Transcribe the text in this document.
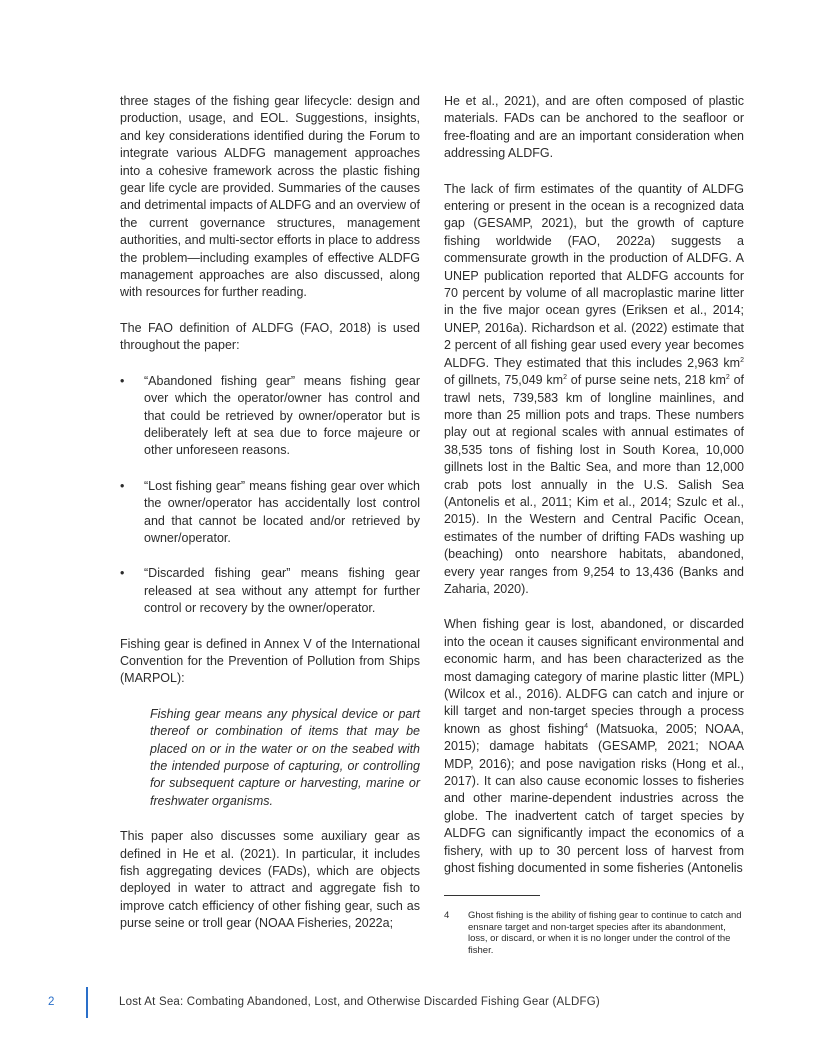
three stages of the fishing gear lifecycle: design and production, usage, and EOL. Suggestions, insights, and key considerations identified during the Forum to integrate various ALDFG management approaches into a cohesive framework across the plastic fishing gear life cycle are provided. Summaries of the causes and detrimental impacts of ALDFG and an overview of the current governance structures, management authorities, and multi-sector efforts in place to address the problem—including examples of effective ALDFG management approaches are also discussed, along with resources for further reading.

The FAO definition of ALDFG (FAO, 2018) is used throughout the paper:

• “Abandoned fishing gear” means fishing gear over which the operator/owner has control and that could be retrieved by owner/operator but is deliberately left at sea due to force majeure or other unforeseen reasons.
• “Lost fishing gear” means fishing gear over which the owner/operator has accidentally lost control and that cannot be located and/or retrieved by owner/operator.
• “Discarded fishing gear” means fishing gear released at sea without any attempt for further control or recovery by the owner/operator.

Fishing gear is defined in Annex V of the International Convention for the Prevention of Pollution from Ships (MARPOL):

Fishing gear means any physical device or part thereof or combination of items that may be placed on or in the water or on the seabed with the intended purpose of capturing, or controlling for subsequent capture or harvesting, marine or freshwater organisms.

This paper also discusses some auxiliary gear as defined in He et al. (2021). In particular, it includes fish aggregating devices (FADs), which are objects deployed in water to attract and aggregate fish to improve catch efficiency of other fishing gear, such as purse seine or troll gear (NOAA Fisheries, 2022a;

He et al., 2021), and are often composed of plastic materials. FADs can be anchored to the seafloor or free-floating and are an important consideration when addressing ALDFG.

The lack of firm estimates of the quantity of ALDFG entering or present in the ocean is a recognized data gap (GESAMP, 2021), but the growth of capture fishing worldwide (FAO, 2022a) suggests a commensurate growth in the production of ALDFG. A UNEP publication reported that ALDFG accounts for 70 percent by volume of all macroplastic marine litter in the five major ocean gyres (Eriksen et al., 2014; UNEP, 2016a). Richardson et al. (2022) estimate that 2 percent of all fishing gear used every year becomes ALDFG. They estimated that this includes 2,963 $km^2$ of gillnets, 75,049 $km^2$ of purse seine nets, 218 $km^2$ of trawl nets, 739,583 km of longline mainlines, and more than 25 million pots and traps. These numbers play out at regional scales with annual estimates of 38,535 tons of fishing lost in South Korea, 10,000 gillnets lost in the Baltic Sea, and more than 12,000 crab pots lost annually in the U.S. Salish Sea (Antonelis et al., 2011; Kim et al., 2014; Szulc et al., 2015). In the Western and Central Pacific Ocean, estimates of the number of drifting FADs washing up (beaching) onto nearshore habitats, abandoned, every year ranges from 9,254 to 13,436 (Banks and Zaharia, 2020).

When fishing gear is lost, abandoned, or discarded into the ocean it causes significant environmental and economic harm, and has been characterized as the most damaging category of marine plastic litter (MPL) (Wilcox et al., 2016). ALDFG can catch and injure or kill target and non-target species through a process known as ghost fishing$^4$ (Matsuoka, 2005; NOAA, 2015); damage habitats (GESAMP, 2021; NOAA MDP, 2016); and pose navigation risks (Hong et al., 2017). It can also cause economic losses to fisheries and other marine-dependent industries across the globe. The inadvertent catch of target species by ALDFG can significantly impact the economics of a fishery, with up to 30 percent loss of harvest from ghost fishing documented in some fisheries (Antonelis

4 Ghost fishing is the ability of fishing gear to continue to catch and ensnare target and non-target species after its abandonment, loss, or discard, or when it is no longer under the control of the fisher.
2	Lost At Sea: Combating Abandoned, Lost, and Otherwise Discarded Fishing Gear (ALDFG)
